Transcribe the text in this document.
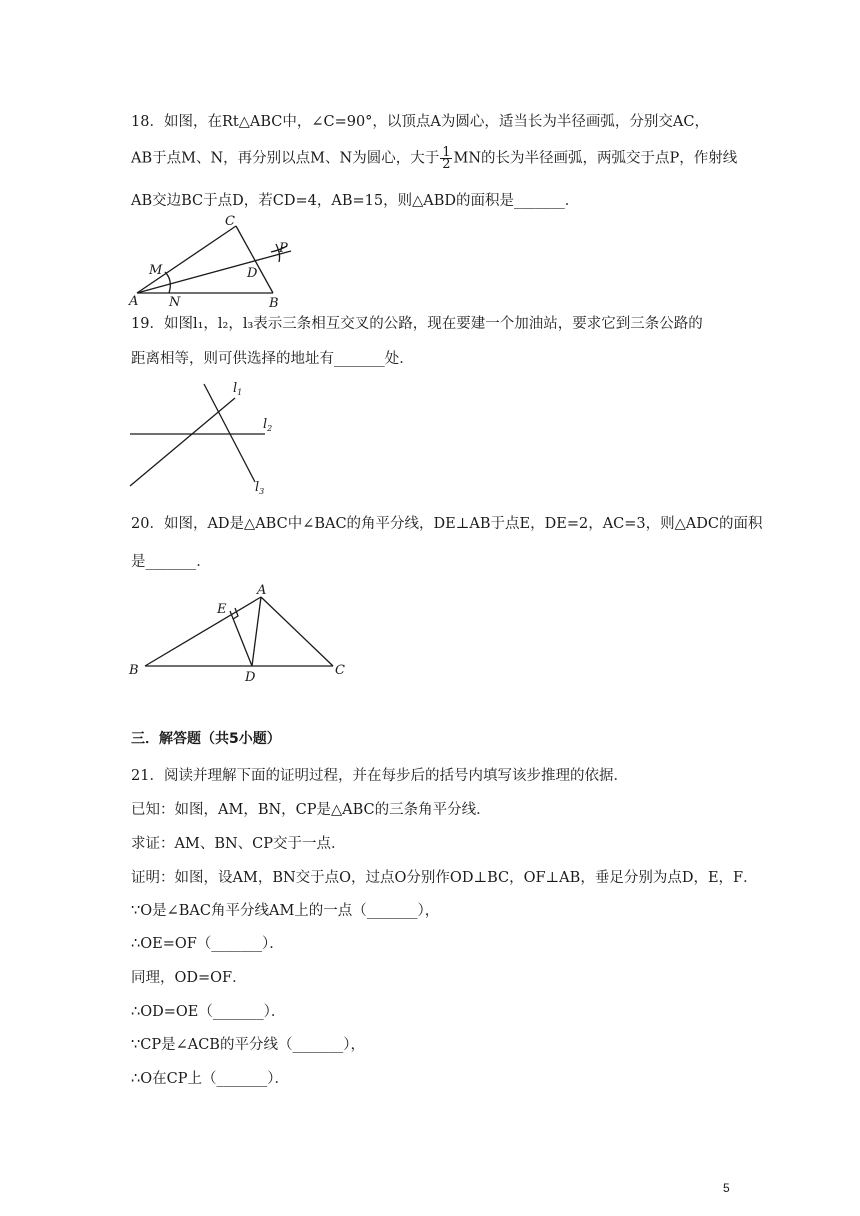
18．如图，在Rt△ABC中，∠C=90°，以顶点A为圆心，适当长为半径画弧，分别交AC，
AB于点M、N，再分别以点M、N为圆心，大于 $\frac{1}{2}$ MN的长为半径画弧，两弧交于点P，作射线
AB交边BC于点D，若CD=4，AB=15，则△ABD的面积是_______．
C
P
M	D
A N	B
19．如图l₁，l₂，l₃表示三条相互交叉的公路，现在要建一个加油站，要求它到三条公路的
距离相等，则可供选择的地址有_______处．
$l_1$
$l_2$
$l_3$
20．如图，AD是△ABC中∠BAC的角平分线，DE⊥AB于点E，DE=2，AC=3，则△ADC的面积
是_______．
A
E
B	D	C
三．解答题（共5小题）
21．阅读并理解下面的证明过程，并在每步后的括号内填写该步推理的依据．
已知：如图，AM，BN，CP是△ABC的三条角平分线．
求证：AM、BN、CP交于一点．
证明：如图，设AM，BN交于点O，过点O分别作OD⊥BC，OF⊥AB，垂足分别为点D，E，F．
∵O是∠BAC角平分线AM上的一点（_______），
∴OE=OF（_______）．
同理，OD=OF．
∴OD=OE（_______）．
∵CP是∠ACB的平分线（_______），
∴O在CP上（_______）．
5
